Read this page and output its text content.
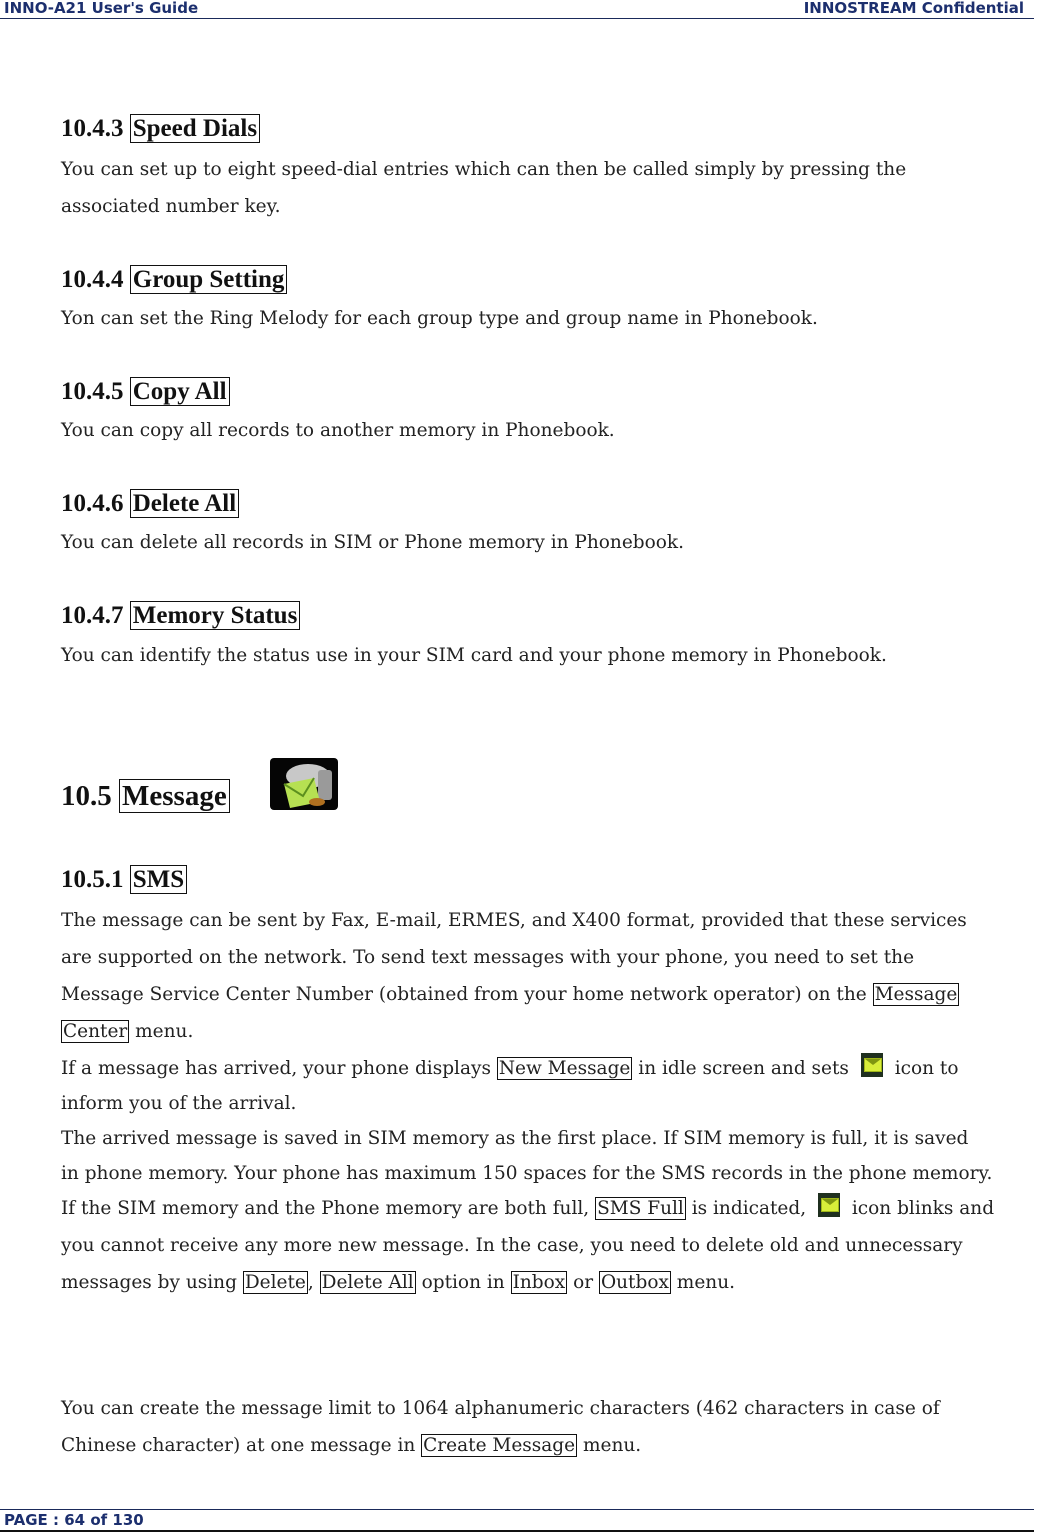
INNO-A21 User's Guide	INNOSTREAM Confidential
10.4.3 Speed Dials
You can set up to eight speed-dial entries which can then be called simply by pressing the
associated number key.
10.4.4 Group Setting
Yon can set the Ring Melody for each group type and group name in Phonebook.
10.4.5 Copy All
You can copy all records to another memory in Phonebook.
10.4.6 Delete All
You can delete all records in SIM or Phone memory in Phonebook.
10.4.7 Memory Status
You can identify the status use in your SIM card and your phone memory in Phonebook.
10.5 Message
10.5.1 SMS
The message can be sent by Fax, E-mail, ERMES, and X400 format, provided that these services
are supported on the network. To send text messages with your phone, you need to set the
Message Service Center Number (obtained from your home network operator) on the Message
Center menu.
If a message has arrived, your phone displays New Message in idle screen and sets
icon to
inform you of the arrival.
The arrived message is saved in SIM memory as the first place. If SIM memory is full, it is saved
in phone memory. Your phone has maximum 150 spaces for the SMS records in the phone memory.
If the SIM memory and the Phone memory are both full, SMS Full is indicated,
icon blinks and
you cannot receive any more new message. In the case, you need to delete old and unnecessary
messages by using Delete , Delete All option in Inbox or Outbox menu.
You can create the message limit to 1064 alphanumeric characters (462 characters in case of
Chinese character) at one message in Create Message menu.
PAGE : 64 of 130
